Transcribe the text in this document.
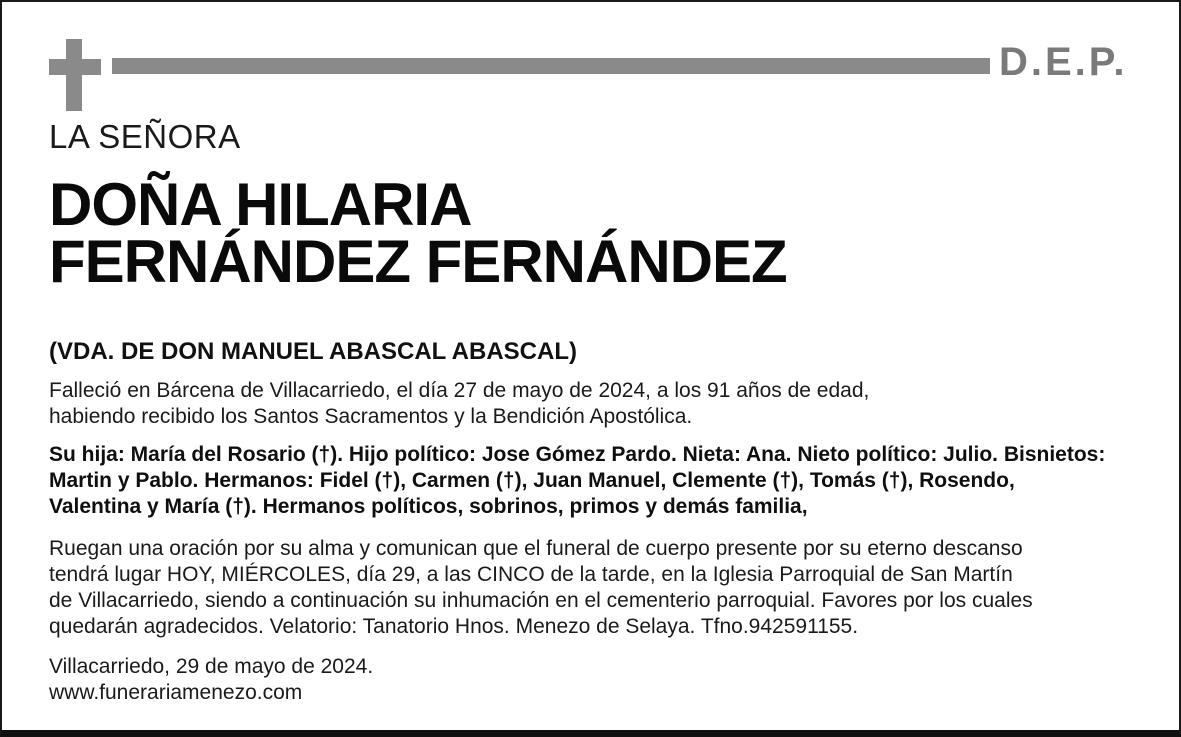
D.E.P.
LA SEÑORA
DOÑA HILARIA
FERNÁNDEZ FERNÁNDEZ
(VDA. DE DON MANUEL ABASCAL ABASCAL)
Falleció en Bárcena de Villacarriedo, el día 27 de mayo de 2024, a los 91 años de edad,
habiendo recibido los Santos Sacramentos y la Bendición Apostólica.
Su hija: María del Rosario (†). Hijo político: Jose Gómez Pardo. Nieta: Ana. Nieto político: Julio. Bisnietos:
Martin y Pablo. Hermanos: Fidel (†), Carmen (†), Juan Manuel, Clemente (†), Tomás (†), Rosendo,
Valentina y María (†). Hermanos políticos, sobrinos, primos y demás familia,
Ruegan una oración por su alma y comunican que el funeral de cuerpo presente por su eterno descanso
tendrá lugar HOY, MIÉRCOLES, día 29, a las CINCO de la tarde, en la Iglesia Parroquial de San Martín
de Villacarriedo, siendo a continuación su inhumación en el cementerio parroquial. Favores por los cuales
quedarán agradecidos. Velatorio: Tanatorio Hnos. Menezo de Selaya. Tfno.942591155.
Villacarriedo, 29 de mayo de 2024.
www.funerariamenezo.com
